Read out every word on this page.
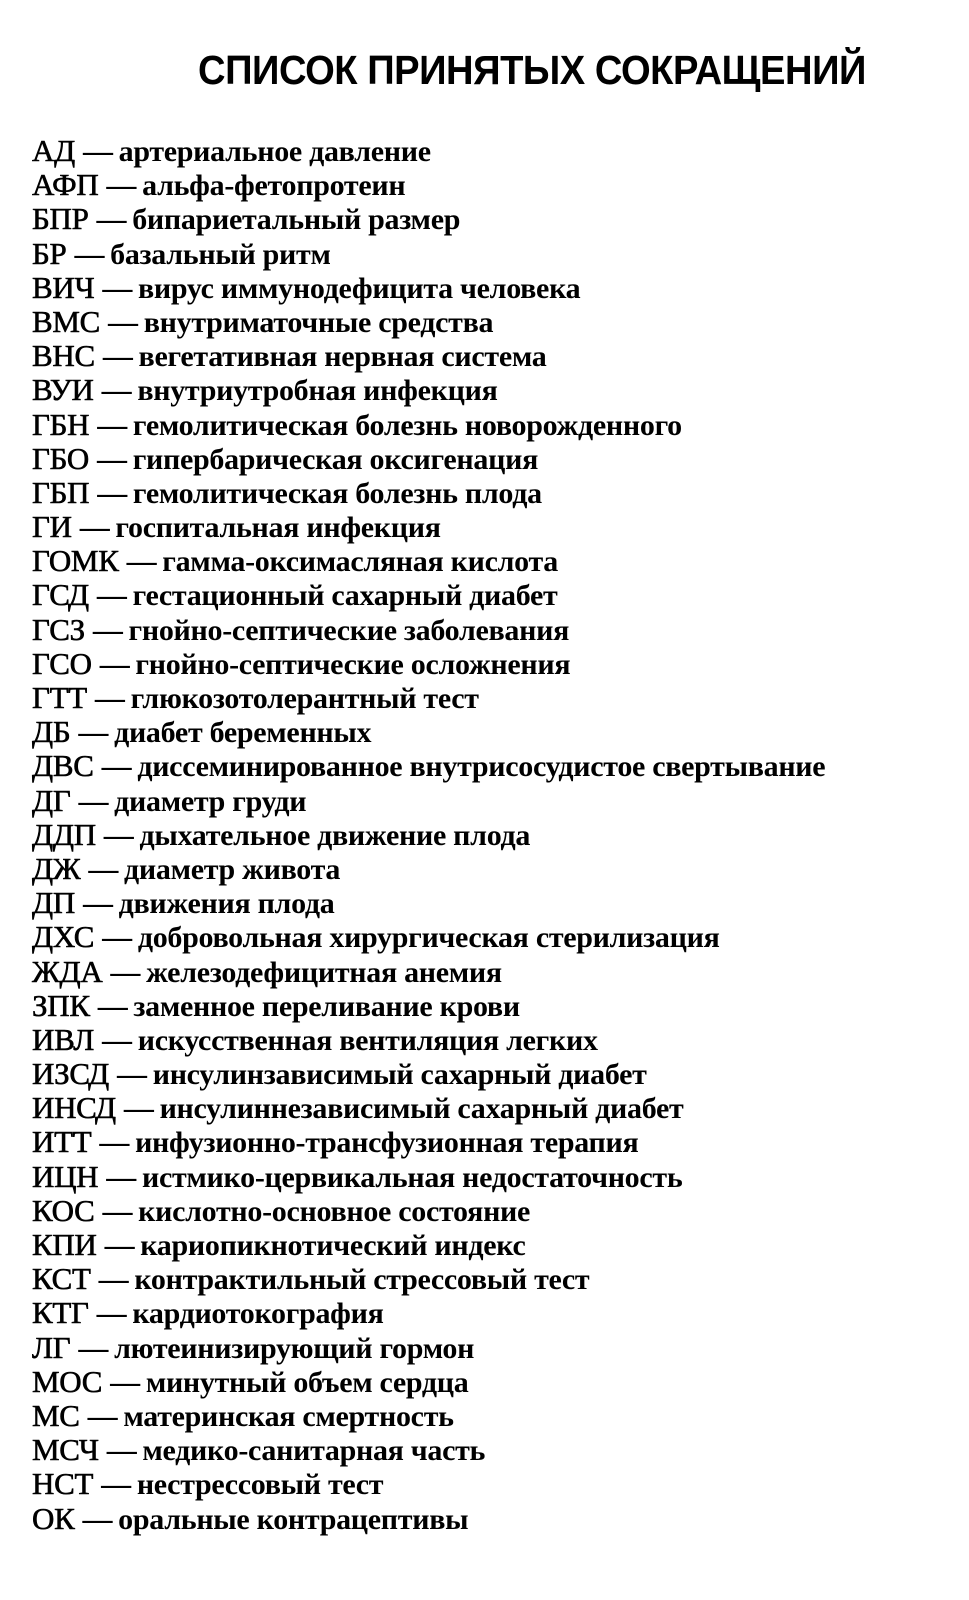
СПИСОК ПРИНЯТЫХ СОКРАЩЕНИЙ
АД — артериальное давление
АФП — альфа-фетопротеин
БПР — бипариетальный размер
БР — базальный ритм
ВИЧ — вирус иммунодефицита человека
ВМС — внутриматочные средства
ВНС — вегетативная нервная система
ВУИ — внутриутробная инфекция
ГБН — гемолитическая болезнь новорожденного
ГБО — гипербарическая оксигенация
ГБП — гемолитическая болезнь плода
ГИ — госпитальная инфекция
ГОМК — гамма-оксимасляная кислота
ГСД — гестационный сахарный диабет
ГСЗ — гнойно-септические заболевания
ГСО — гнойно-септические осложнения
ГТТ — глюкозотолерантный тест
ДБ — диабет беременных
ДВС — диссеминированное внутрисосудистое свертывание
ДГ — диаметр груди
ДДП — дыхательное движение плода
ДЖ — диаметр живота
ДП — движения плода
ДХС — добровольная хирургическая стерилизация
ЖДА — железодефицитная анемия
ЗПК — заменное переливание крови
ИВЛ — искусственная вентиляция легких
ИЗСД — инсулинзависимый сахарный диабет
ИНСД — инсулиннезависимый сахарный диабет
ИТТ — инфузионно-трансфузионная терапия
ИЦН — истмико-цервикальная недостаточность
КОС — кислотно-основное состояние
КПИ — кариопикнотический индекс
КСТ — контрактильный стрессовый тест
КТГ — кардиотокография
ЛГ — лютеинизирующий гормон
МОС — минутный объем сердца
МС — материнская смертность
МСЧ — медико-санитарная часть
НСТ — нестрессовый тест
ОК — оральные контрацептивы
